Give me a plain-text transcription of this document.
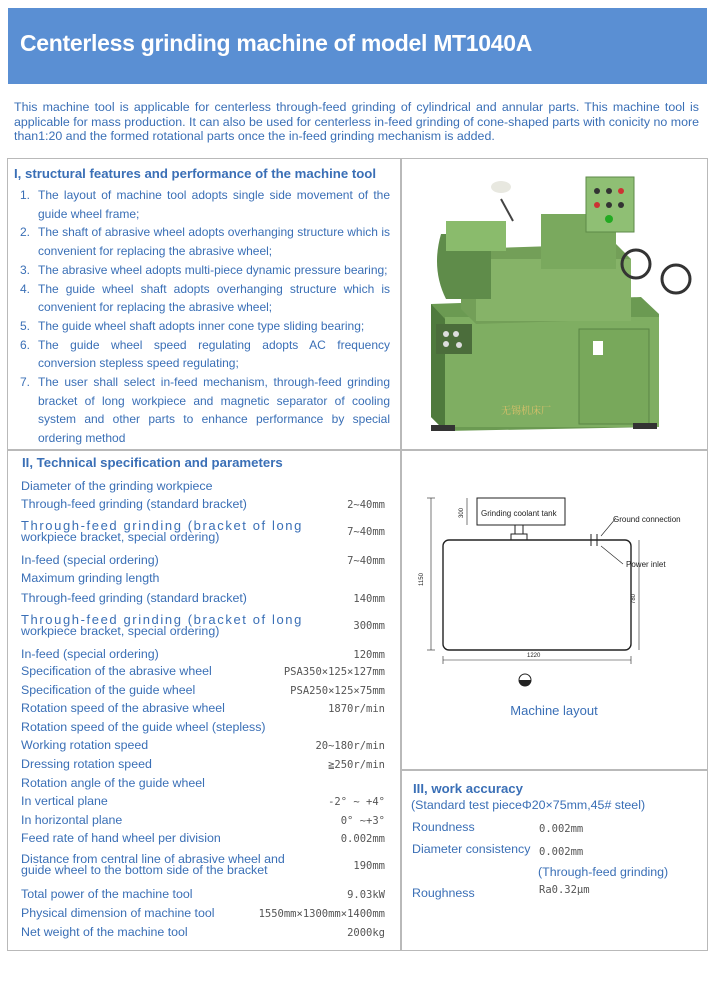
Centerless grinding machine of model MT1040A
This machine tool is applicable for centerless through-feed grinding of cylindrical and annular parts. This machine tool is applicable for mass production. It can also be used for centerless in-feed grinding of cone-shaped parts with conicity no more than1:20 and the formed rotational parts once the in-feed grinding mechanism is added.
I, structural features and performance of the machine tool
1. The layout of machine tool adopts single side movement of the guide wheel frame;
2. The shaft of abrasive wheel adopts overhanging structure which is convenient for replacing the abrasive wheel;
3. The abrasive wheel adopts multi-piece dynamic pressure bearing;
4. The guide wheel shaft adopts overhanging structure which is convenient for replacing the abrasive wheel;
5. The guide wheel shaft adopts inner cone type sliding bearing;
6. The guide wheel speed regulating adopts AC frequency conversion stepless speed regulating;
7. The user shall select in-feed mechanism, through-feed grinding bracket of long workpiece and magnetic separator of cooling system and other parts to enhance performance by special ordering method
无锡机床厂
II, Technical specification and parameters
Diameter of the grinding workpiece
Through-feed grinding (standard bracket)	2~40mm
Through-feed grinding (bracket of long
workpiece bracket, special ordering)	7~40mm
In-feed (special ordering)	7~40mm
Maximum grinding length
Through-feed grinding (standard bracket)	140mm
Through-feed grinding (bracket of long
workpiece bracket, special ordering)	300mm
In-feed (special ordering)	120mm
Specification of the abrasive wheel	PSA350×125×127mm
Specification of the guide wheel	PSA250×125×75mm
Rotation speed of the abrasive wheel	1870r/min
Rotation speed of the guide wheel (stepless)
Working rotation speed	20~180r/min
Dressing rotation speed	≧250r/min
Rotation angle of the guide wheel
In vertical plane	-2° ~ +4°
In horizontal plane	0° ~+3°
Feed rate of hand wheel per division	0.002mm
Distance from central line of abrasive wheel and
guide wheel to the bottom side of the bracket	190mm
Total power of the machine tool	9.03kW
Physical dimension of machine tool	1550mm×1300mm×1400mm
Net weight of the machine tool	2000kg
Grinding coolant tank
Ground connection
Power inlet
1150
300
780
1220
Machine layout
III, work accuracy
(Standard test pieceΦ20×75mm,45# steel)
Roundness	0.002mm
Diameter consistency 0.002mm
(Through-feed grinding)
Roughness	Ra0.32μm
